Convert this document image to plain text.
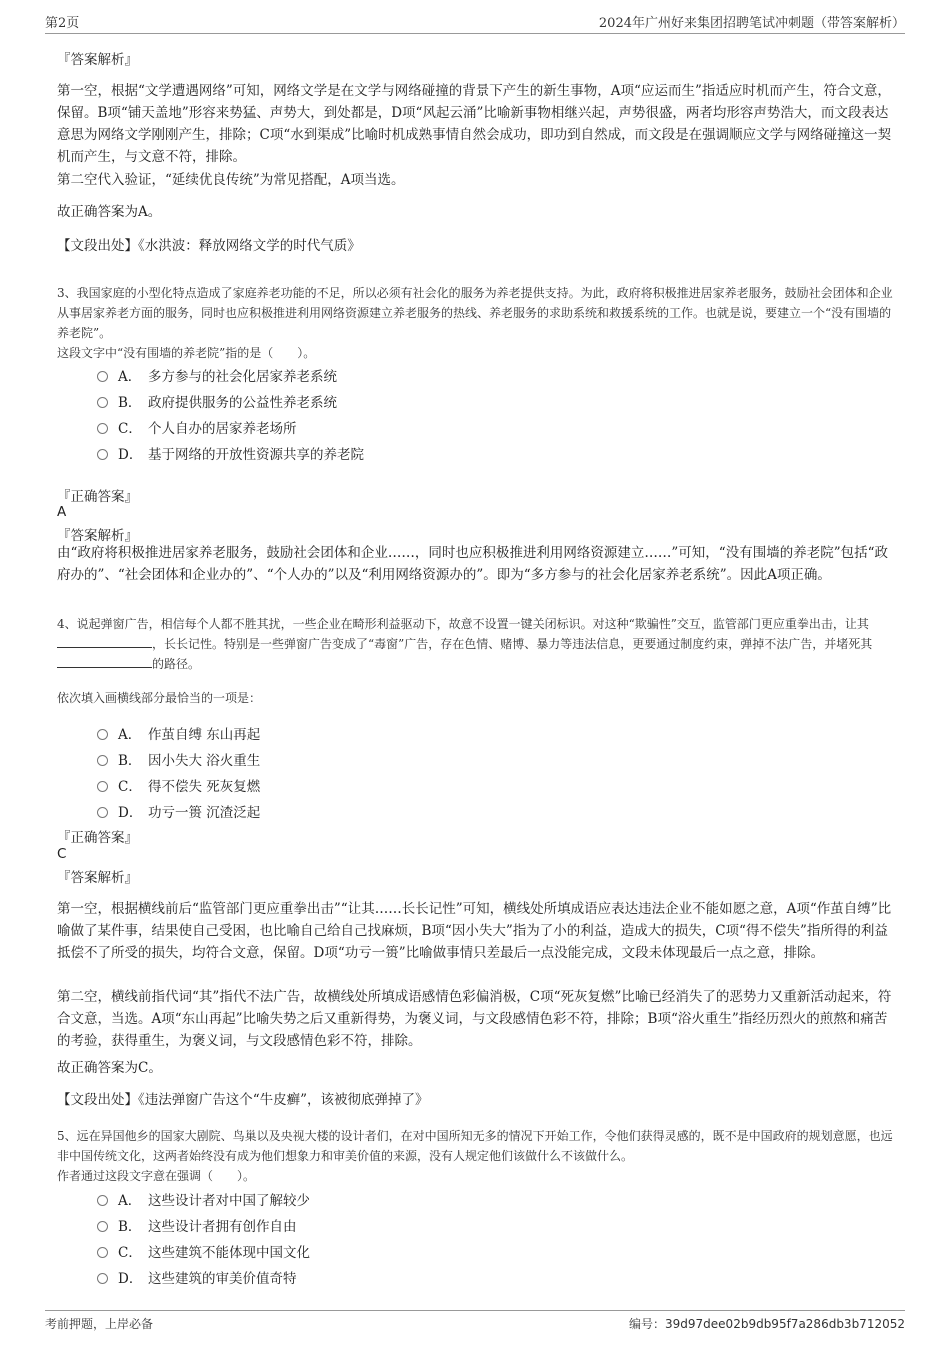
第2页	2024年广州好来集团招聘笔试冲刺题（带答案解析）
『答案解析』
第一空，根据“文学遭遇网络”可知，网络文学是在文学与网络碰撞的背景下产生的新生事物，A项“应运而生”指适应时机而产生，符合文意，保留。B项“铺天盖地”形容来势猛、声势大，到处都是，D项“风起云涌”比喻新事物相继兴起，声势很盛，两者均形容声势浩大，而文段表达意思为网络文学刚刚产生，排除；C项“水到渠成”比喻时机成熟事情自然会成功，即功到自然成，而文段是在强调顺应文学与网络碰撞这一契机而产生，与文意不符，排除。
第二空代入验证，“延续优良传统”为常见搭配，A项当选。
故正确答案为A。
【文段出处】《水洪波：释放网络文学的时代气质》
3、我国家庭的小型化特点造成了家庭养老功能的不足，所以必须有社会化的服务为养老提供支持。为此，政府将积极推进居家养老服务，鼓励社会团体和企业从事居家养老方面的服务，同时也应积极推进利用网络资源建立养老服务的热线、养老服务的求助系统和救援系统的工作。也就是说，要建立一个“没有围墙的养老院”。
这段文字中“没有围墙的养老院”指的是（　　）。
A． 多方参与的社会化居家养老系统
B． 政府提供服务的公益性养老系统
C． 个人自办的居家养老场所
D． 基于网络的开放性资源共享的养老院
『正确答案』
A
『答案解析』
由“政府将积极推进居家养老服务，鼓励社会团体和企业……，同时也应积极推进利用网络资源建立……”可知，“没有围墙的养老院”包括“政府办的”、“社会团体和企业办的”、“个人办的”以及“利用网络资源办的”。即为“多方参与的社会化居家养老系统”。因此A项正确。
4、说起弹窗广告，相信每个人都不胜其扰，一些企业在畸形利益驱动下，故意不设置一键关闭标识。对这种“欺骗性”交互，监管部门更应重拳出击，让其，长长记性。特别是一些弹窗广告变成了“毒窗”广告，存在色情、赌博、暴力等违法信息，更要通过制度约束，弹掉不法广告，并堵死其的路径。
依次填入画横线部分最恰当的一项是：
A． 作茧自缚 东山再起
B． 因小失大 浴火重生
C． 得不偿失 死灰复燃
D． 功亏一篑 沉渣泛起
『正确答案』
C
『答案解析』
第一空，根据横线前后“监管部门更应重拳出击”“让其……长长记性”可知，横线处所填成语应表达违法企业不能如愿之意，A项“作茧自缚”比喻做了某件事，结果使自己受困，也比喻自己给自己找麻烦，B项“因小失大”指为了小的利益，造成大的损失，C项“得不偿失”指所得的利益抵偿不了所受的损失，均符合文意，保留。D项“功亏一篑”比喻做事情只差最后一点没能完成，文段未体现最后一点之意，排除。
第二空，横线前指代词“其”指代不法广告，故横线处所填成语感情色彩偏消极，C项“死灰复燃”比喻已经消失了的恶势力又重新活动起来，符合文意，当选。A项“东山再起”比喻失势之后又重新得势，为褒义词，与文段感情色彩不符，排除；B项“浴火重生”指经历烈火的煎熬和痛苦的考验，获得重生，为褒义词，与文段感情色彩不符，排除。
故正确答案为C。
【文段出处】《违法弹窗广告这个“牛皮癣”，该被彻底弹掉了》
5、远在异国他乡的国家大剧院、鸟巢以及央视大楼的设计者们，在对中国所知无多的情况下开始工作，令他们获得灵感的，既不是中国政府的规划意愿，也远非中国传统文化，这两者始终没有成为他们想象力和审美价值的来源，没有人规定他们该做什么不该做什么。
作者通过这段文字意在强调（　　）。
A． 这些设计者对中国了解较少
B． 这些设计者拥有创作自由
C． 这些建筑不能体现中国文化
D． 这些建筑的审美价值奇特
考前押题，上岸必备	编号：39d97dee02b9db95f7a286db3b712052
